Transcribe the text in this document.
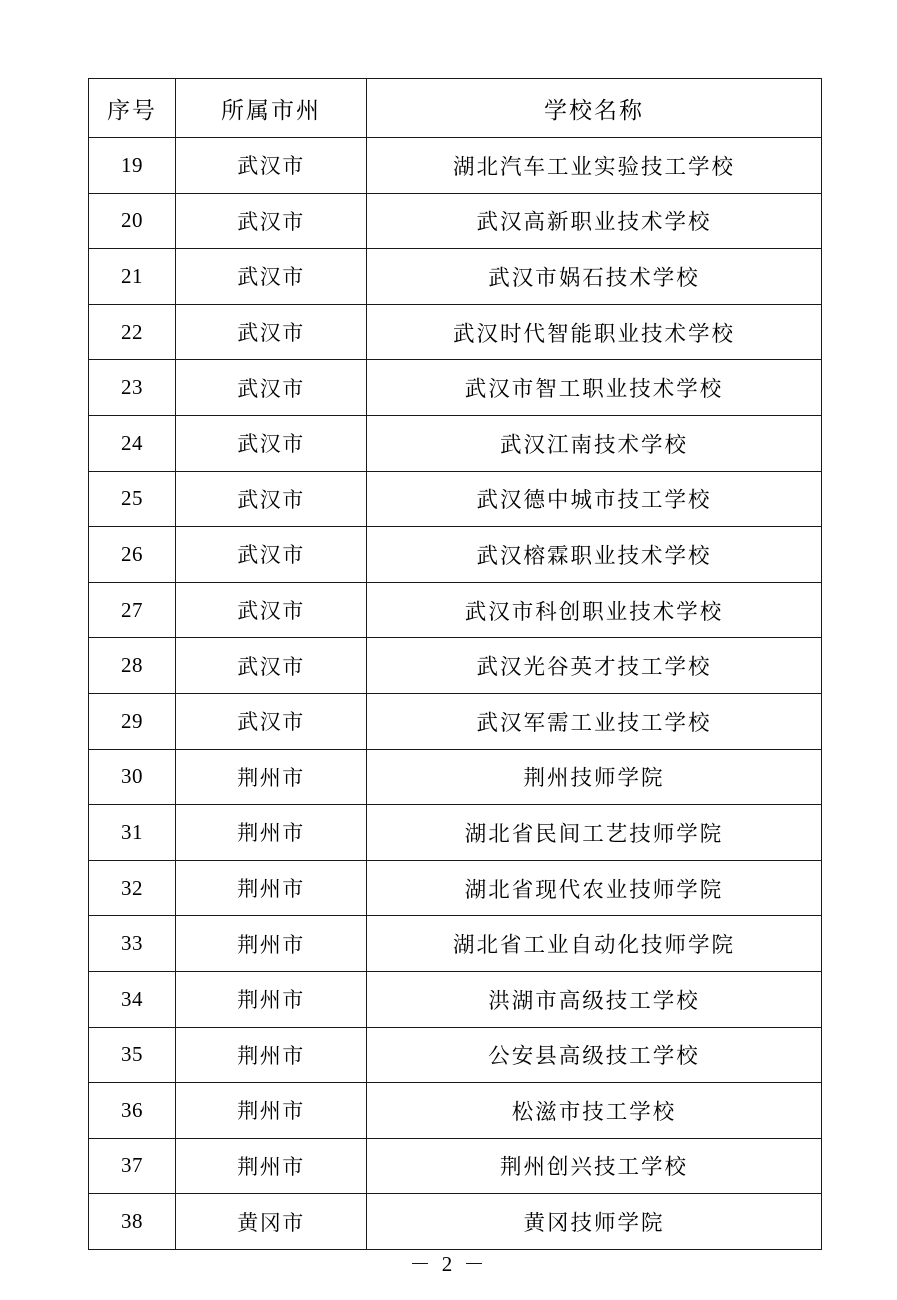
序号	所属市州	学校名称
19	武汉市	湖北汽车工业实验技工学校
20	武汉市	武汉高新职业技术学校
21	武汉市	武汉市娲石技术学校
22	武汉市	武汉时代智能职业技术学校
23	武汉市	武汉市智工职业技术学校
24	武汉市	武汉江南技术学校
25	武汉市	武汉德中城市技工学校
26	武汉市	武汉榕霖职业技术学校
27	武汉市	武汉市科创职业技术学校
28	武汉市	武汉光谷英才技工学校
29	武汉市	武汉军需工业技工学校
30	荆州市	荆州技师学院
31	荆州市	湖北省民间工艺技师学院
32	荆州市	湖北省现代农业技师学院
33	荆州市	湖北省工业自动化技师学院
34	荆州市	洪湖市高级技工学校
35	荆州市	公安县高级技工学校
36	荆州市	松滋市技工学校
37	荆州市	荆州创兴技工学校
38	黄冈市	黄冈技师学院
－ 2 －
